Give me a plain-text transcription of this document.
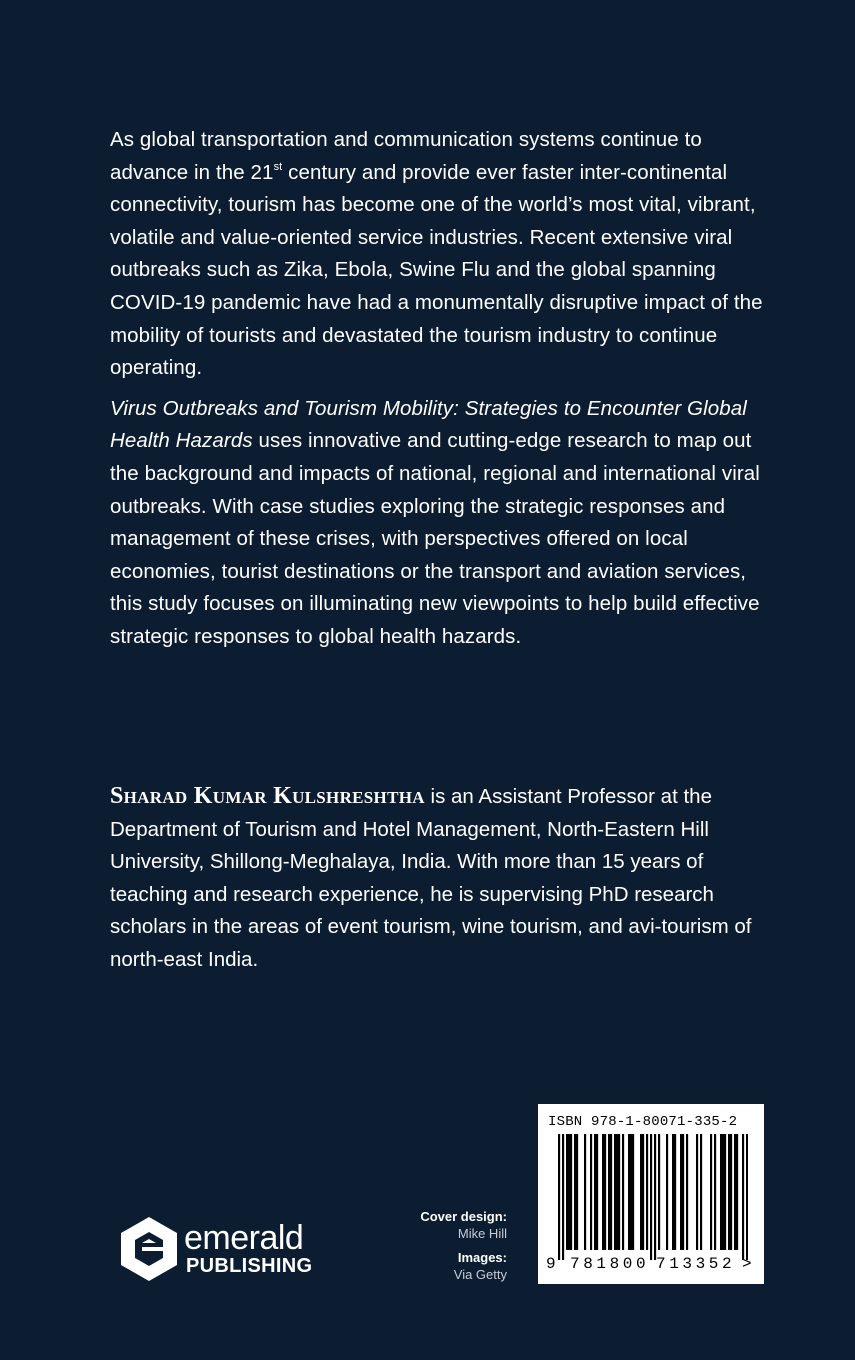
As global transportation and communication systems continue to advance in the 21st century and provide ever faster inter-continental connectivity, tourism has become one of the world’s most vital, vibrant, volatile and value-oriented service industries. Recent extensive viral outbreaks such as Zika, Ebola, Swine Flu and the global spanning COVID-19 pandemic have had a monumentally disruptive impact of the mobility of tourists and devastated the tourism industry to continue operating.

Virus Outbreaks and Tourism Mobility: Strategies to Encounter Global Health Hazards uses innovative and cutting-edge research to map out the background and impacts of national, regional and international viral outbreaks. With case studies exploring the strategic responses and management of these crises, with perspectives offered on local economies, tourist destinations or the transport and aviation services, this study focuses on illuminating new viewpoints to help build effective strategic responses to global health hazards.

Sharad Kumar Kulshreshtha is an Assistant Professor at the Department of Tourism and Hotel Management, North-Eastern Hill University, Shillong-Meghalaya, India. With more than 15 years of teaching and research experience, he is supervising PhD research scholars in the areas of event tourism, wine tourism, and avi-tourism of north-east India.

emerald
PUBLISHING
Cover design:
Mike Hill
Images:
Via Getty
ISBN 978-1-80071-335-2
9 781800 713352 >
